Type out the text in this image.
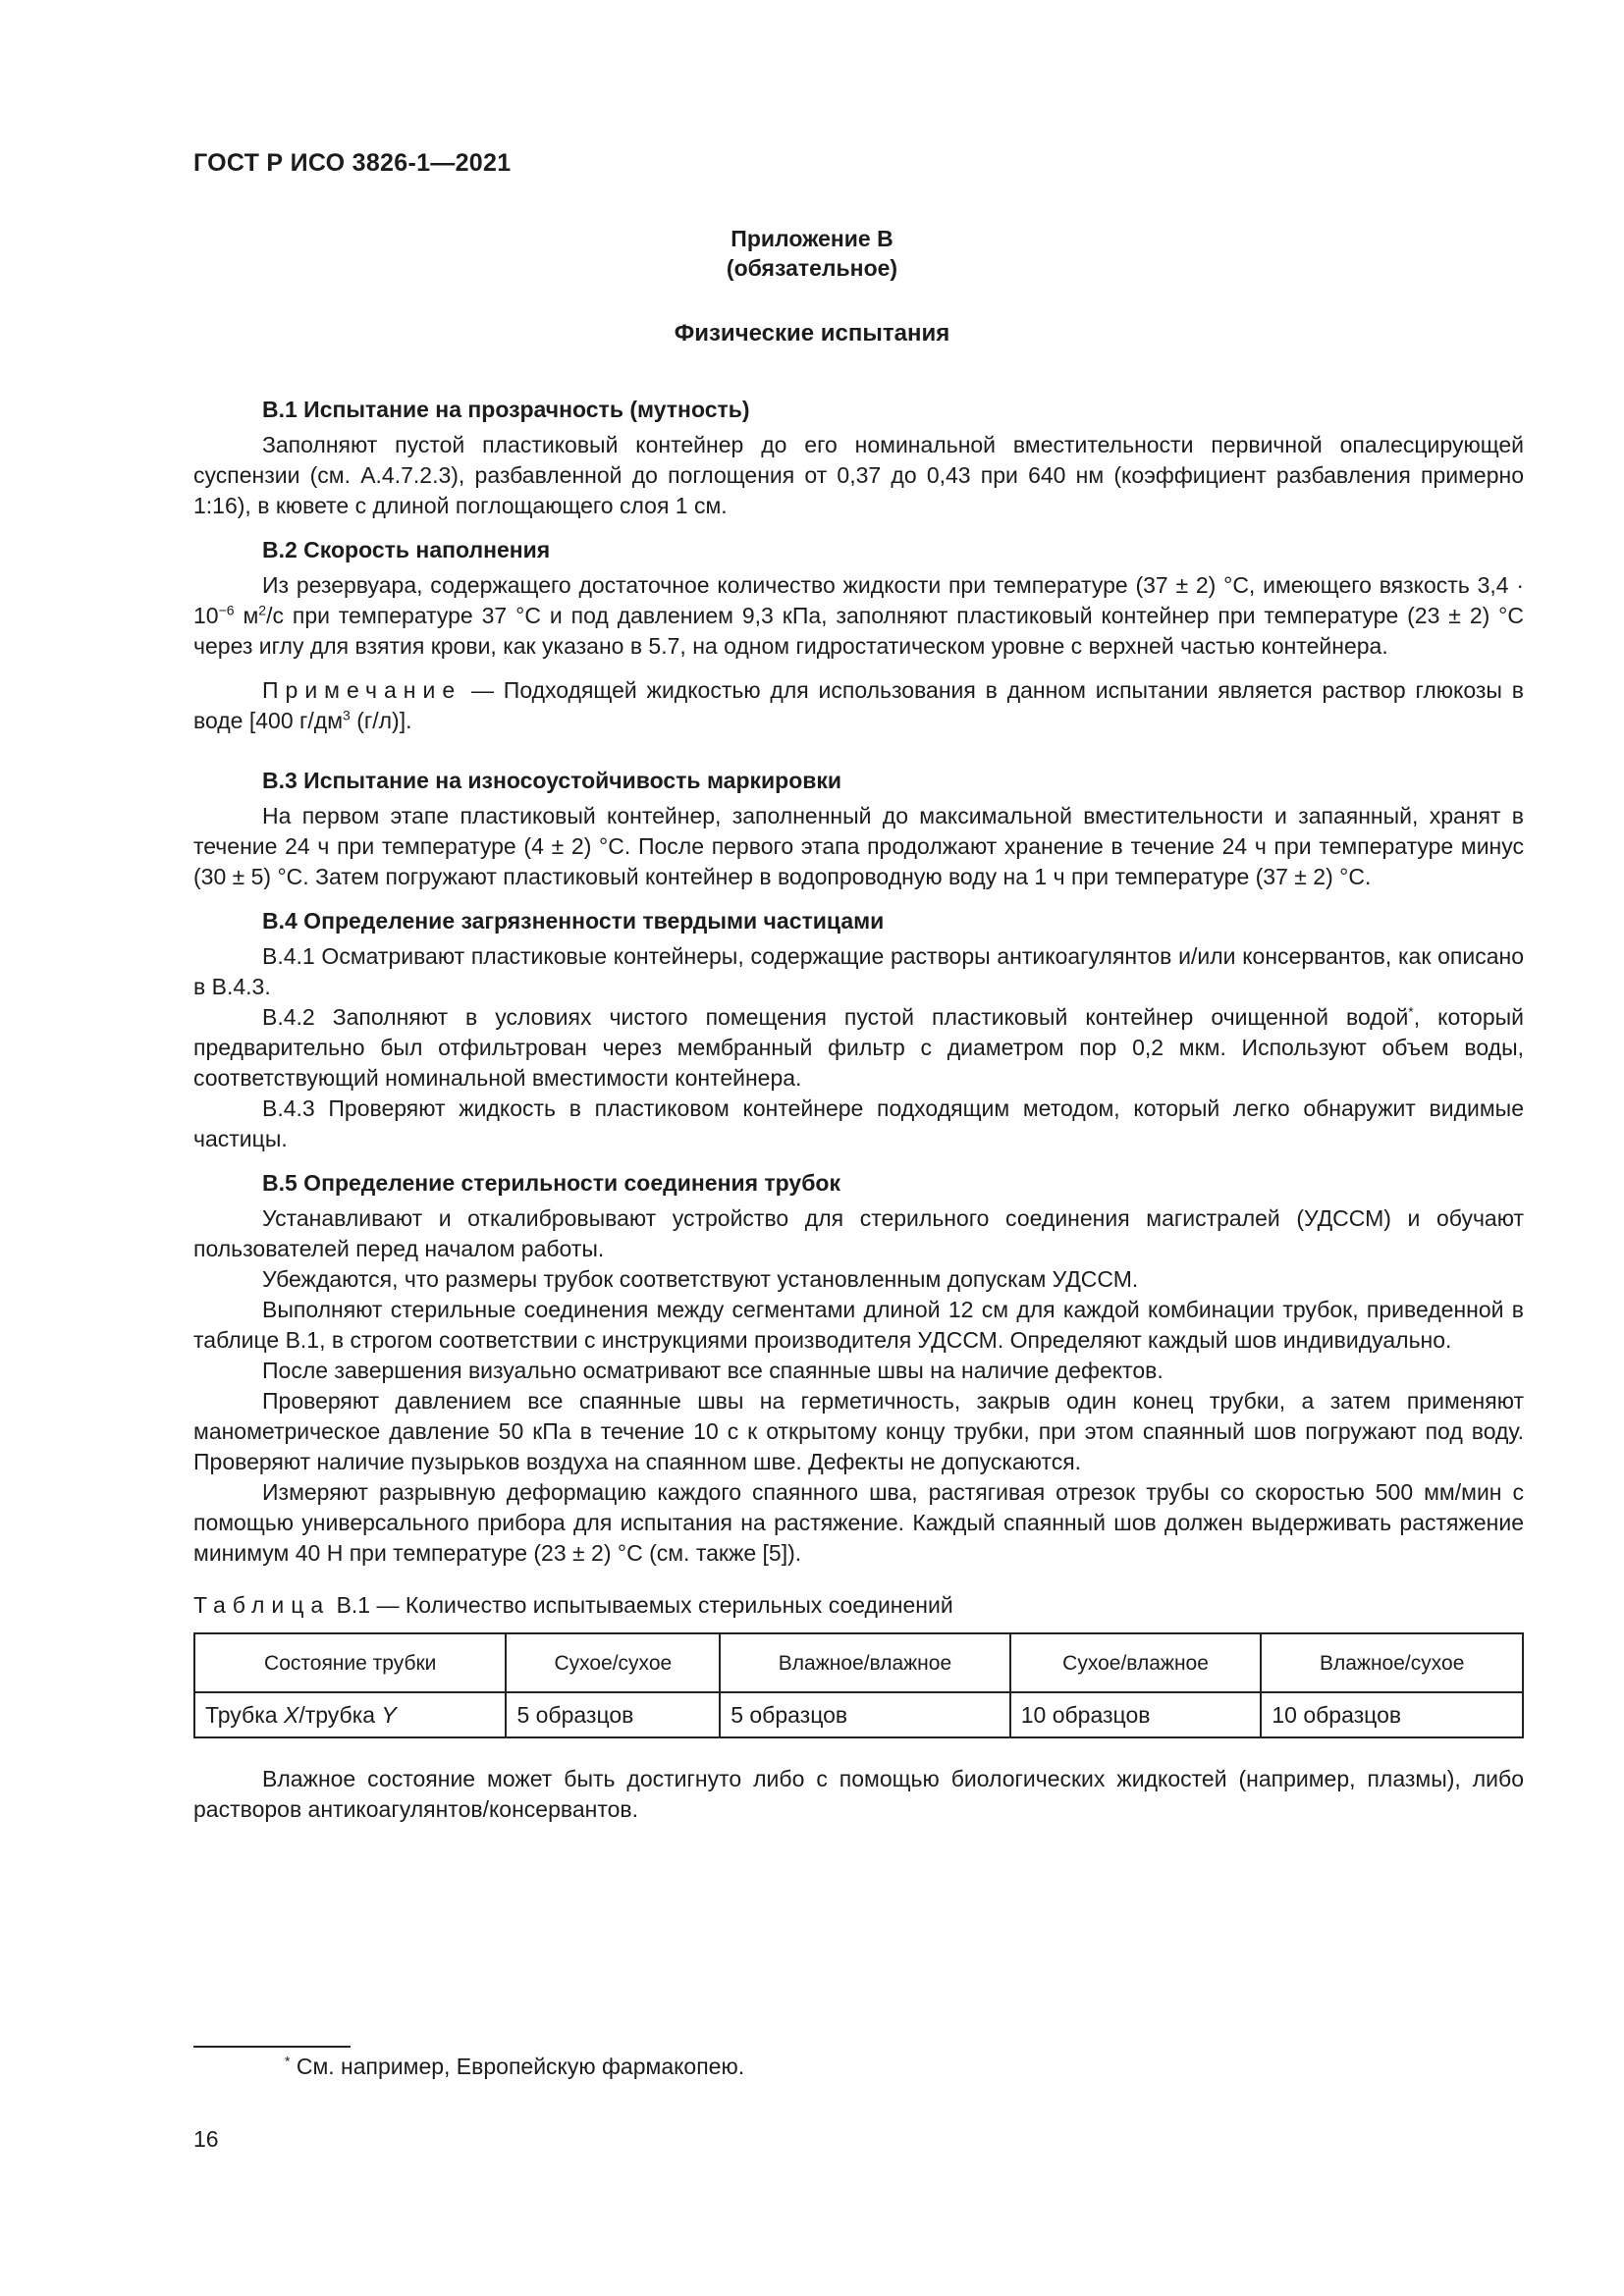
ГОСТ Р ИСО 3826-1—2021
Приложение В
(обязательное)
Физические испытания
В.1 Испытание на прозрачность (мутность)

Заполняют пустой пластиковый контейнер до его номинальной вместительности первичной опалесцирующей суспензии (см. А.4.7.2.3), разбавленной до поглощения от 0,37 до 0,43 при 640 нм (коэффициент разбавления примерно 1:16), в кювете с длиной поглощающего слоя 1 см.

В.2 Скорость наполнения

Из резервуара, содержащего достаточное количество жидкости при температуре (37 ± 2) °С, имеющего вязкость $3,4 \cdot 10^{-6}$ $м^2/с$ при температуре 37 °С и под давлением 9,3 кПа, заполняют пластиковый контейнер при температуре (23 ± 2) °С через иглу для взятия крови, как указано в 5.7, на одном гидростатическом уровне с верхней частью контейнера.

Примечание — Подходящей жидкостью для использования в данном испытании является раствор глюкозы в воде [400 $г/дм^3$ (г/л)].

В.3 Испытание на износоустойчивость маркировки

На первом этапе пластиковый контейнер, заполненный до максимальной вместительности и запаянный, хранят в течение 24 ч при температуре (4 ± 2) °С. После первого этапа продолжают хранение в течение 24 ч при температуре минус (30 ± 5) °С. Затем погружают пластиковый контейнер в водопроводную воду на 1 ч при температуре (37 ± 2) °С.

В.4 Определение загрязненности твердыми частицами

В.4.1 Осматривают пластиковые контейнеры, содержащие растворы антикоагулянтов и/или консервантов, как описано в В.4.3.

В.4.2 Заполняют в условиях чистого помещения пустой пластиковый контейнер очищенной водой*, который предварительно был отфильтрован через мембранный фильтр с диаметром пор 0,2 мкм. Используют объем воды, соответствующий номинальной вместимости контейнера.

В.4.3 Проверяют жидкость в пластиковом контейнере подходящим методом, который легко обнаружит видимые частицы.

В.5 Определение стерильности соединения трубок

Устанавливают и откалибровывают устройство для стерильного соединения магистралей (УДССМ) и обучают пользователей перед началом работы.

Убеждаются, что размеры трубок соответствуют установленным допускам УДССМ.

Выполняют стерильные соединения между сегментами длиной 12 см для каждой комбинации трубок, приведенной в таблице В.1, в строгом соответствии с инструкциями производителя УДССМ. Определяют каждый шов индивидуально.

После завершения визуально осматривают все спаянные швы на наличие дефектов.

Проверяют давлением все спаянные швы на герметичность, закрыв один конец трубки, а затем применяют манометрическое давление 50 кПа в течение 10 с к открытому концу трубки, при этом спаянный шов погружают под воду. Проверяют наличие пузырьков воздуха на спаянном шве. Дефекты не допускаются.

Измеряют разрывную деформацию каждого спаянного шва, растягивая отрезок трубы со скоростью 500 мм/мин с помощью универсального прибора для испытания на растяжение. Каждый спаянный шов должен выдерживать растяжение минимум 40 Н при температуре (23 ± 2) °С (см. также [5]).

Таблица В.1 — Количество испытываемых стерильных соединений

Состояние трубки	Сухое/сухое	Влажное/влажное	Сухое/влажное	Влажное/сухое
Трубка X/трубка Y	5 образцов	5 образцов	10 образцов	10 образцов

Влажное состояние может быть достигнуто либо с помощью биологических жидкостей (например, плазмы), либо растворов антикоагулянтов/консервантов.

* См. например, Европейскую фармакопею.
16
